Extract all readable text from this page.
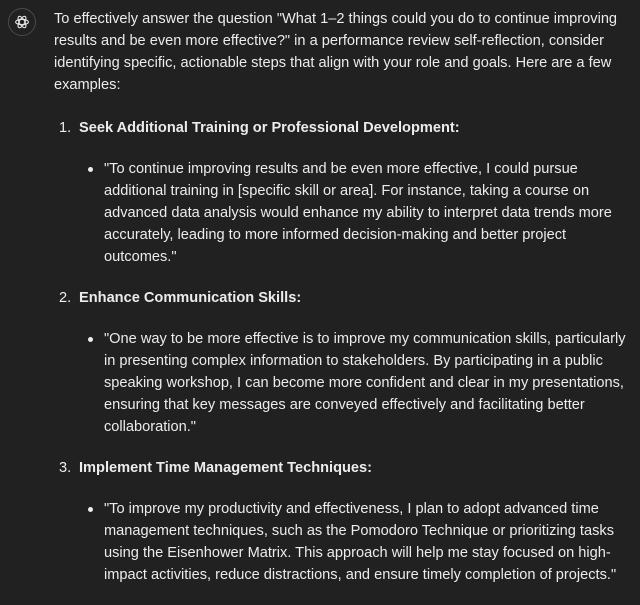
To effectively answer the question "What 1–2 things could you do to continue improving results and be even more effective?" in a performance review self-reflection, consider identifying specific, actionable steps that align with your role and goals. Here are a few examples:

1. Seek Additional Training or Professional Development:
"To continue improving results and be even more effective, I could pursue additional training in [specific skill or area]. For instance, taking a course on advanced data analysis would enhance my ability to interpret data trends more accurately, leading to more informed decision-making and better project outcomes."
2. Enhance Communication Skills:
"One way to be more effective is to improve my communication skills, particularly in presenting complex information to stakeholders. By participating in a public speaking workshop, I can become more confident and clear in my presentations, ensuring that key messages are conveyed effectively and facilitating better collaboration."
3. Implement Time Management Techniques:
"To improve my productivity and effectiveness, I plan to adopt advanced time management techniques, such as the Pomodoro Technique or prioritizing tasks using the Eisenhower Matrix. This approach will help me stay focused on high-impact activities, reduce distractions, and ensure timely completion of projects."
